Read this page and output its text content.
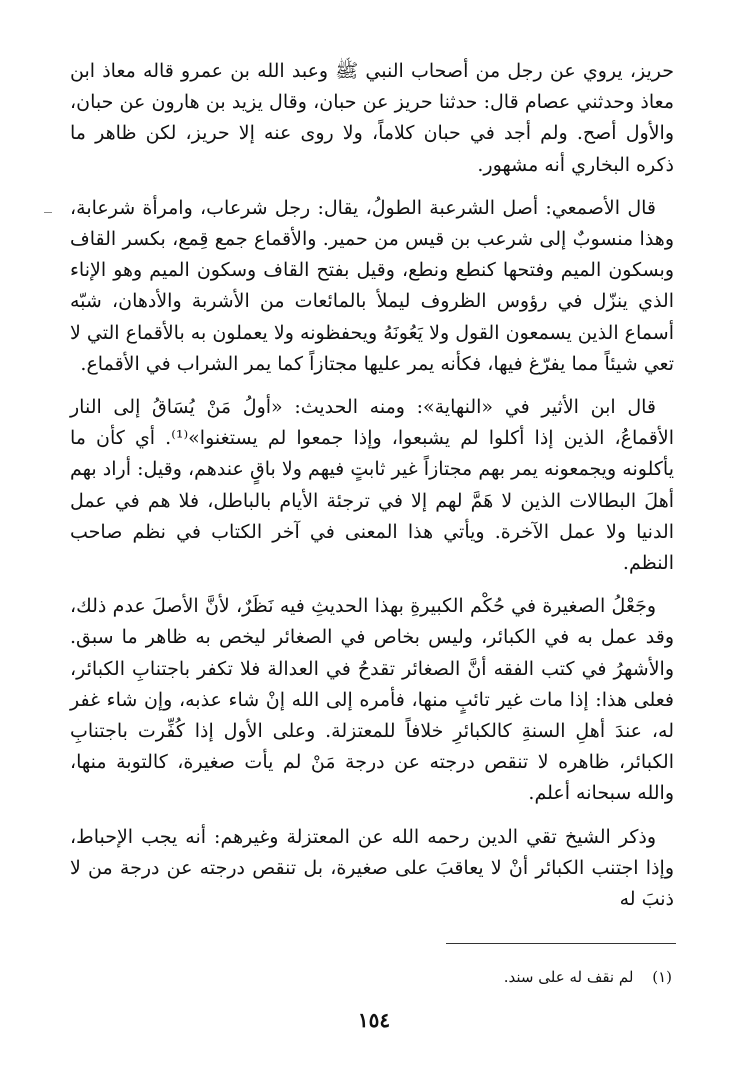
حريز، يروي عن رجل من أصحاب النبي ﷺ وعبد الله بن عمرو قاله معاذ ابن معاذ وحدثني عصام قال: حدثنا حريز عن حبان، وقال يزيد بن هارون عن حبان، والأول أصح. ولم أجد في حبان كلاماً، ولا روى عنه إلا حريز، لكن ظاهر ما ذكره البخاري أنه مشهور.

قال الأصمعي: أصل الشرعبة الطولُ، يقال: رجل شرعاب، وامرأة شرعابة، وهذا منسوبٌ إلى شرعب بن قيس من حمير. والأقماع جمع قِمع، بكسر القاف وبسكون الميم وفتحها كنطع ونطع، وقيل بفتح القاف وسكون الميم وهو الإناء الذي ينزّل في رؤوس الظروف ليملأ بالمائعات من الأشربة والأدهان، شبّه أسماع الذين يسمعون القول ولا يَعُونَهُ ويحفظونه ولا يعملون به بالأقماع التي لا تعي شيئاً مما يفرّغ فيها، فكأنه يمر عليها مجتازاً كما يمر الشراب في الأقماع.

قال ابن الأثير في «النهاية»: ومنه الحديث: «أولُ مَنْ يُسَاقُ إلى النار الأقماعُ، الذين إذا أكلوا لم يشبعوا، وإذا جمعوا لم يستغنوا»⁽¹⁾. أي كأن ما يأكلونه ويجمعونه يمر بهم مجتازاً غير ثابتٍ فيهم ولا باقٍ عندهم، وقيل: أراد بهم أهلَ البطالات الذين لا هَمَّ لهم إلا في ترجئة الأيام بالباطل، فلا هم في عمل الدنيا ولا عمل الآخرة. ويأتي هذا المعنى في آخر الكتاب في نظم صاحب النظم.

وجَعْلُ الصغيرة في حُكْم الكبيرةِ بهذا الحديثِ فيه نَظَرٌ، لأنَّ الأصلَ عدم ذلك، وقد عمل به في الكبائر، وليس بخاص في الصغائر ليخص به ظاهر ما سبق. والأشهرُ في كتب الفقه أنَّ الصغائر تقدحُ في العدالة فلا تكفر باجتنابِ الكبائر، فعلى هذا: إذا مات غير تائبٍ منها، فأمره إلى الله إنْ شاء عذبه، وإن شاء غفر له، عندَ أهلِ السنةِ كالكبائرِ خلافاً للمعتزلة. وعلى الأول إذا كُفِّرت باجتنابِ الكبائر، ظاهره لا تنقص درجته عن درجة مَنْ لم يأت صغيرة، كالتوبة منها، والله سبحانه أعلم.

وذكر الشيخ تقي الدين رحمه الله عن المعتزلة وغيرهم: أنه يجب الإحباط، وإذا اجتنب الكبائر أنْ لا يعاقبَ على صغيرة، بل تنقص درجته عن درجة من لا ذنبَ له

(١) لم نقف له على سند.
١٥٤
